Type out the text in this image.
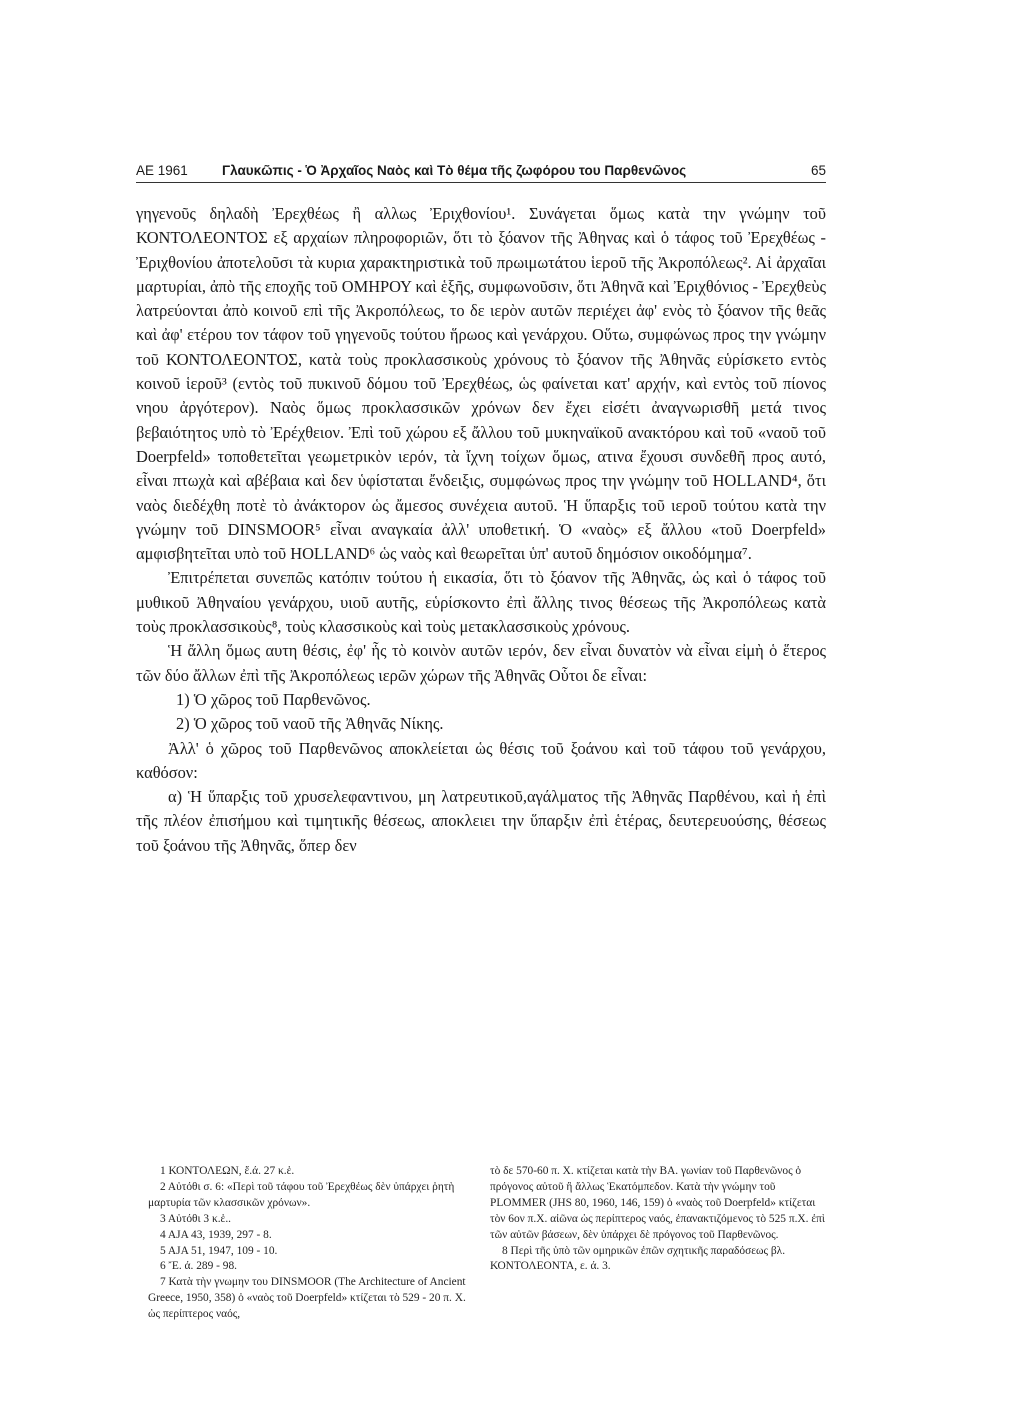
ΑΕ 1961	Γλαυκῶπις - Ὁ Ἀρχαῖος Ναὸς καὶ Τὸ θέμα τῆς ζωφόρου του Παρθενῶνος	65

γηγενοῦς δηλαδὴ Ἐρεχθέως ἢ αλλως Ἐριχθονίου¹. Συνάγεται ὅμως κατὰ την γνώμην τοῦ ΚΟΝΤΟΛΕΟΝΤΟΣ εξ αρχαίων πληροφοριῶν, ὅτι τὸ ξόανον τῆς Ἀθηνας καὶ ὁ τάφος τοῦ Ἐρεχθέως - Ἐριχθονίου ἀποτελοῦσι τὰ κυρια χαρακτηριστικὰ τοῦ πρωιμωτάτου ἱεροῦ τῆς Ἀκροπόλεως². Αἱ ἀρχαῖαι μαρτυρίαι, ἀπὸ τῆς εποχῆς τοῦ ΟΜΗΡΟΥ καὶ ἑξῆς, συμφωνοῦσιν, ὅτι Ἀθηνᾶ καὶ Ἐριχθόνιος - Ἐρεχθεὺς λατρεύονται ἀπὸ κοινοῦ επὶ τῆς Ἀκροπόλεως, το δε ιερὸν αυτῶν περιέχει ἀφ' ενὸς τὸ ξόανον τῆς θεᾶς καὶ ἀφ' ετέρου τον τάφον τοῦ γηγενοῦς τούτου ἥρωος καὶ γενάρχου. Οὕτω, συμφώνως προς την γνώμην τοῦ ΚΟΝΤΟΛΕΟΝΤΟΣ, κατὰ τοὺς προκλασσικοὺς χρόνους τὸ ξόανον τῆς Ἀθηνᾶς εὑρίσκετο εντὸς κοινοῦ ἱεροῦ³ (εντὸς τοῦ πυκινοῦ δόμου τοῦ Ἐρεχθέως, ὡς φαίνεται κατ' αρχήν, καὶ εντὸς τοῦ πίονος νηου ἀργότερον). Ναὸς ὅμως προκλασσικῶν χρόνων δεν ἔχει εἰσέτι ἀναγνωρισθῆ μετά τινος βεβαιότητος υπὸ τὸ Ἐρέχθειον. Ἐπὶ τοῦ χώρου εξ ἄλλου τοῦ μυκηναϊκοῦ ανακτόρου καὶ τοῦ «ναοῦ τοῦ Doerpfeld» τοποθετεῖται γεωμετρικὸν ιερόν, τὰ ἴχνη τοίχων ὅμως, ατινα ἔχουσι συνδεθῆ προς αυτό, εἶναι πτωχὰ καὶ αβέβαια καὶ δεν ὑφίσταται ἔνδειξις, συμφώνως προς την γνώμην τοῦ HOLLAND⁴, ὅτι ναὸς διεδέχθη ποτὲ τὸ ἀνάκτορον ὡς ἄμεσος συνέχεια αυτοῦ. Ἡ ὕπαρξις τοῦ ιεροῦ τούτου κατὰ την γνώμην τοῦ DINSMOOR⁵ εἶναι αναγκαία ἀλλ' υποθετική. Ὁ «ναὸς» εξ ἄλλου «τοῦ Doerpfeld» αμφισβητεῖται υπὸ τοῦ HOLLAND⁶ ὡς ναὸς καὶ θεωρεῖται ὑπ' αυτοῦ δημόσιον οικοδόμημα⁷.

Ἐπιτρέπεται συνεπῶς κατόπιν τούτου ἡ εικασία, ὅτι τὸ ξόανον τῆς Ἀθηνᾶς, ὡς καὶ ὁ τάφος τοῦ μυθικοῦ Ἀθηναίου γενάρχου, υιοῦ αυτῆς, εὑρίσκοντο ἐπὶ ἄλλης τινος θέσεως τῆς Ἀκροπόλεως κατὰ τοὺς προκλασσικοὺς⁸, τοὺς κλασσικοὺς καὶ τοὺς μετακλασσικοὺς χρόνους.

Ἡ ἄλλη ὅμως αυτη θέσις, ἐφ' ἧς τὸ κοινὸν αυτῶν ιερόν, δεν εἶναι δυνατὸν νὰ εἶναι εἰμὴ ὁ ἕτερος τῶν δύο ἄλλων ἐπὶ τῆς Ἀκροπόλεως ιερῶν χώρων τῆς Ἀθηνᾶς Οὗτοι δε εἶναι:

1) Ὁ χῶρος τοῦ Παρθενῶνος.
2) Ὁ χῶρος τοῦ ναοῦ τῆς Ἀθηνᾶς Νίκης.

Ἀλλ' ὁ χῶρος τοῦ Παρθενῶνος αποκλείεται ὡς θέσις τοῦ ξοάνου καὶ τοῦ τάφου τοῦ γενάρχου, καθόσον:

α) Ἡ ὕπαρξις τοῦ χρυσελεφαντινου, μη λατρευτικοῦ,αγάλματος τῆς Ἀθηνᾶς Παρθένου, καὶ ἡ ἐπὶ τῆς πλέον ἐπισήμου καὶ τιμητικῆς θέσεως, αποκλειει την ὕπαρξιν ἐπὶ ἑτέρας, δευτερευούσης, θέσεως τοῦ ξοάνου τῆς Ἀθηνᾶς, ὅπερ δεν

1 ΚΟΝΤΟΛΕΩΝ, ἔ.ά. 27 κ.ἑ.
2 Αὐτόθι σ. 6: «Περὶ τοῦ τάφου τοῦ Ἐρεχθέως δὲν ὑπάρχει ῥητὴ μαρτυρία τῶν κλασσικῶν χρόνων».
3 Αὐτόθι 3 κ.ἑ..
4 AJA 43, 1939, 297 - 8.
5 AJA 51, 1947, 109 - 10.
6 Ἔ. ά. 289 - 98.
7 Κατὰ τὴν γνωμην του DINSMOOR (The Architecture of Ancient Greece, 1950, 358) ὁ «ναὸς τοῦ Doerpfeld» κτίζεται τὸ 529 - 20 π. Χ. ὡς περίπτερος ναός,
τὸ δε 570-60 π. Χ. κτίζεται κατὰ τὴν ΒΑ. γωνίαν τοῦ Παρθενῶνος ὁ πρόγονος αὐτοῦ ἢ ἄλλως Ἑκατόμπεδον. Κατὰ τὴν γνώμην τοῦ PLOMMER (JHS 80, 1960, 146, 159) ὁ «ναὸς τοῦ Doerpfeld» κτίζεται τὸν 6ον π.Χ. αἰῶνα ὡς περίπτερος ναός, ἐπανακτιζόμενος τὸ 525 π.Χ. ἐπὶ τῶν αὐτῶν βάσεων, δὲν ὑπάρχει δὲ πρόγονος τοῦ Παρθενῶνος.
8 Περὶ τῆς ὑπὸ τῶν ομηρικῶν ἐπῶν σχητικῆς παραδόσεως βλ. ΚΟΝΤΟΛΕΟΝΤΑ, ε. ά. 3.
